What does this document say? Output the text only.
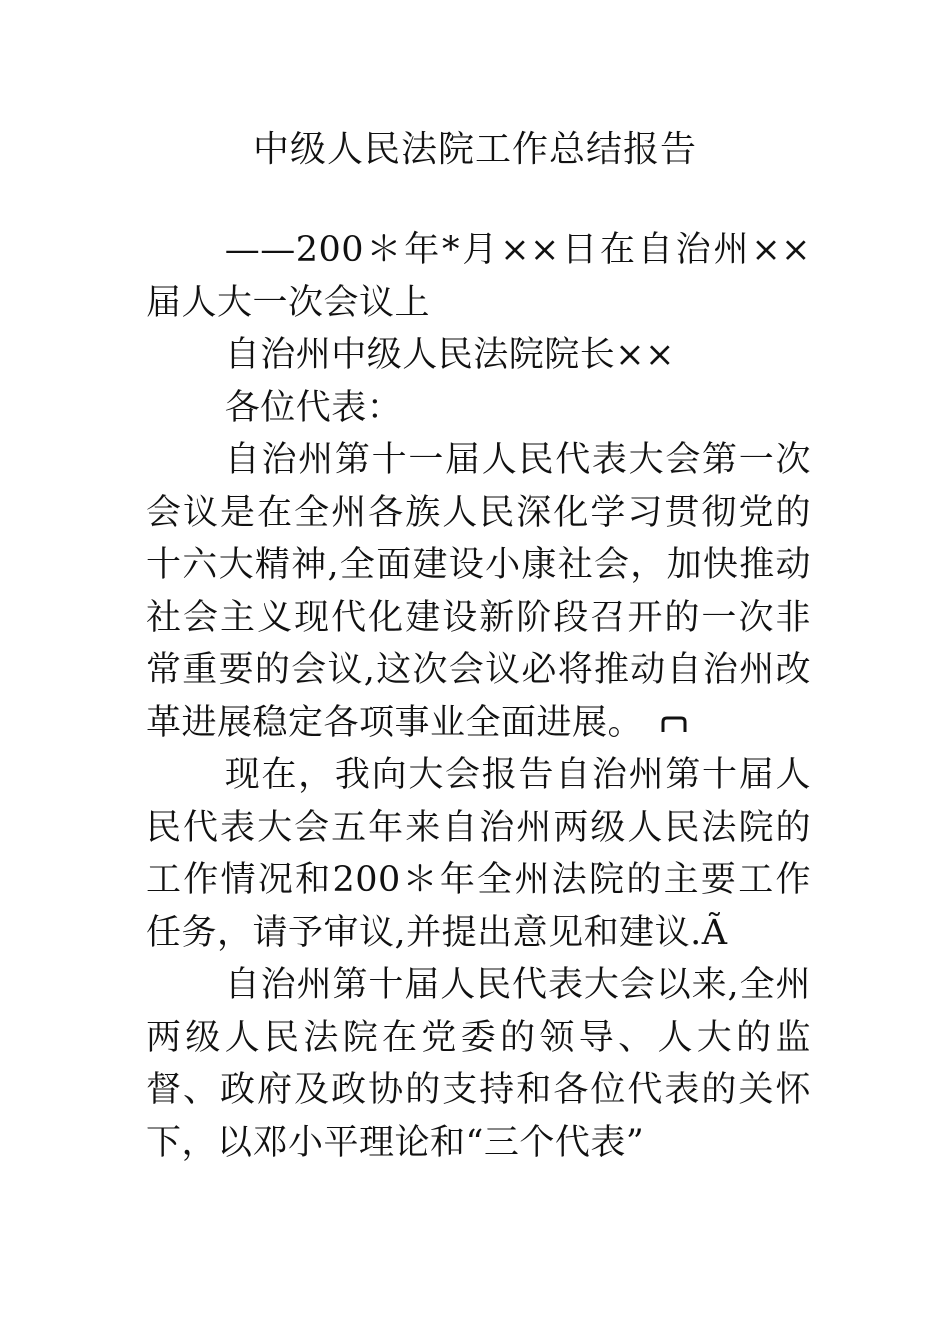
中级人民法院工作总结报告

——200＊年*月××日在自治州××届人大一次会议上

自治州中级人民法院院长××

各位代表：

自治州第十一届人民代表大会第一次会议是在全州各族人民深化学习贯彻党的十六大精神,全面建设小康社会，加快推动社会主义现代化建设新阶段召开的一次非常重要的会议,这次会议必将推动自治州改革进展稳定各项事业全面进展。

现在，我向大会报告自治州第十届人民代表大会五年来自治州两级人民法院的工作情况和200＊年全州法院的主要工作任务，请予审议,并提出意见和建议.Ã

自治州第十届人民代表大会以来,全州两级人民法院在党委的领导、人大的监督、政府及政协的支持和各位代表的关怀下，以邓小平理论和“三个代表”
